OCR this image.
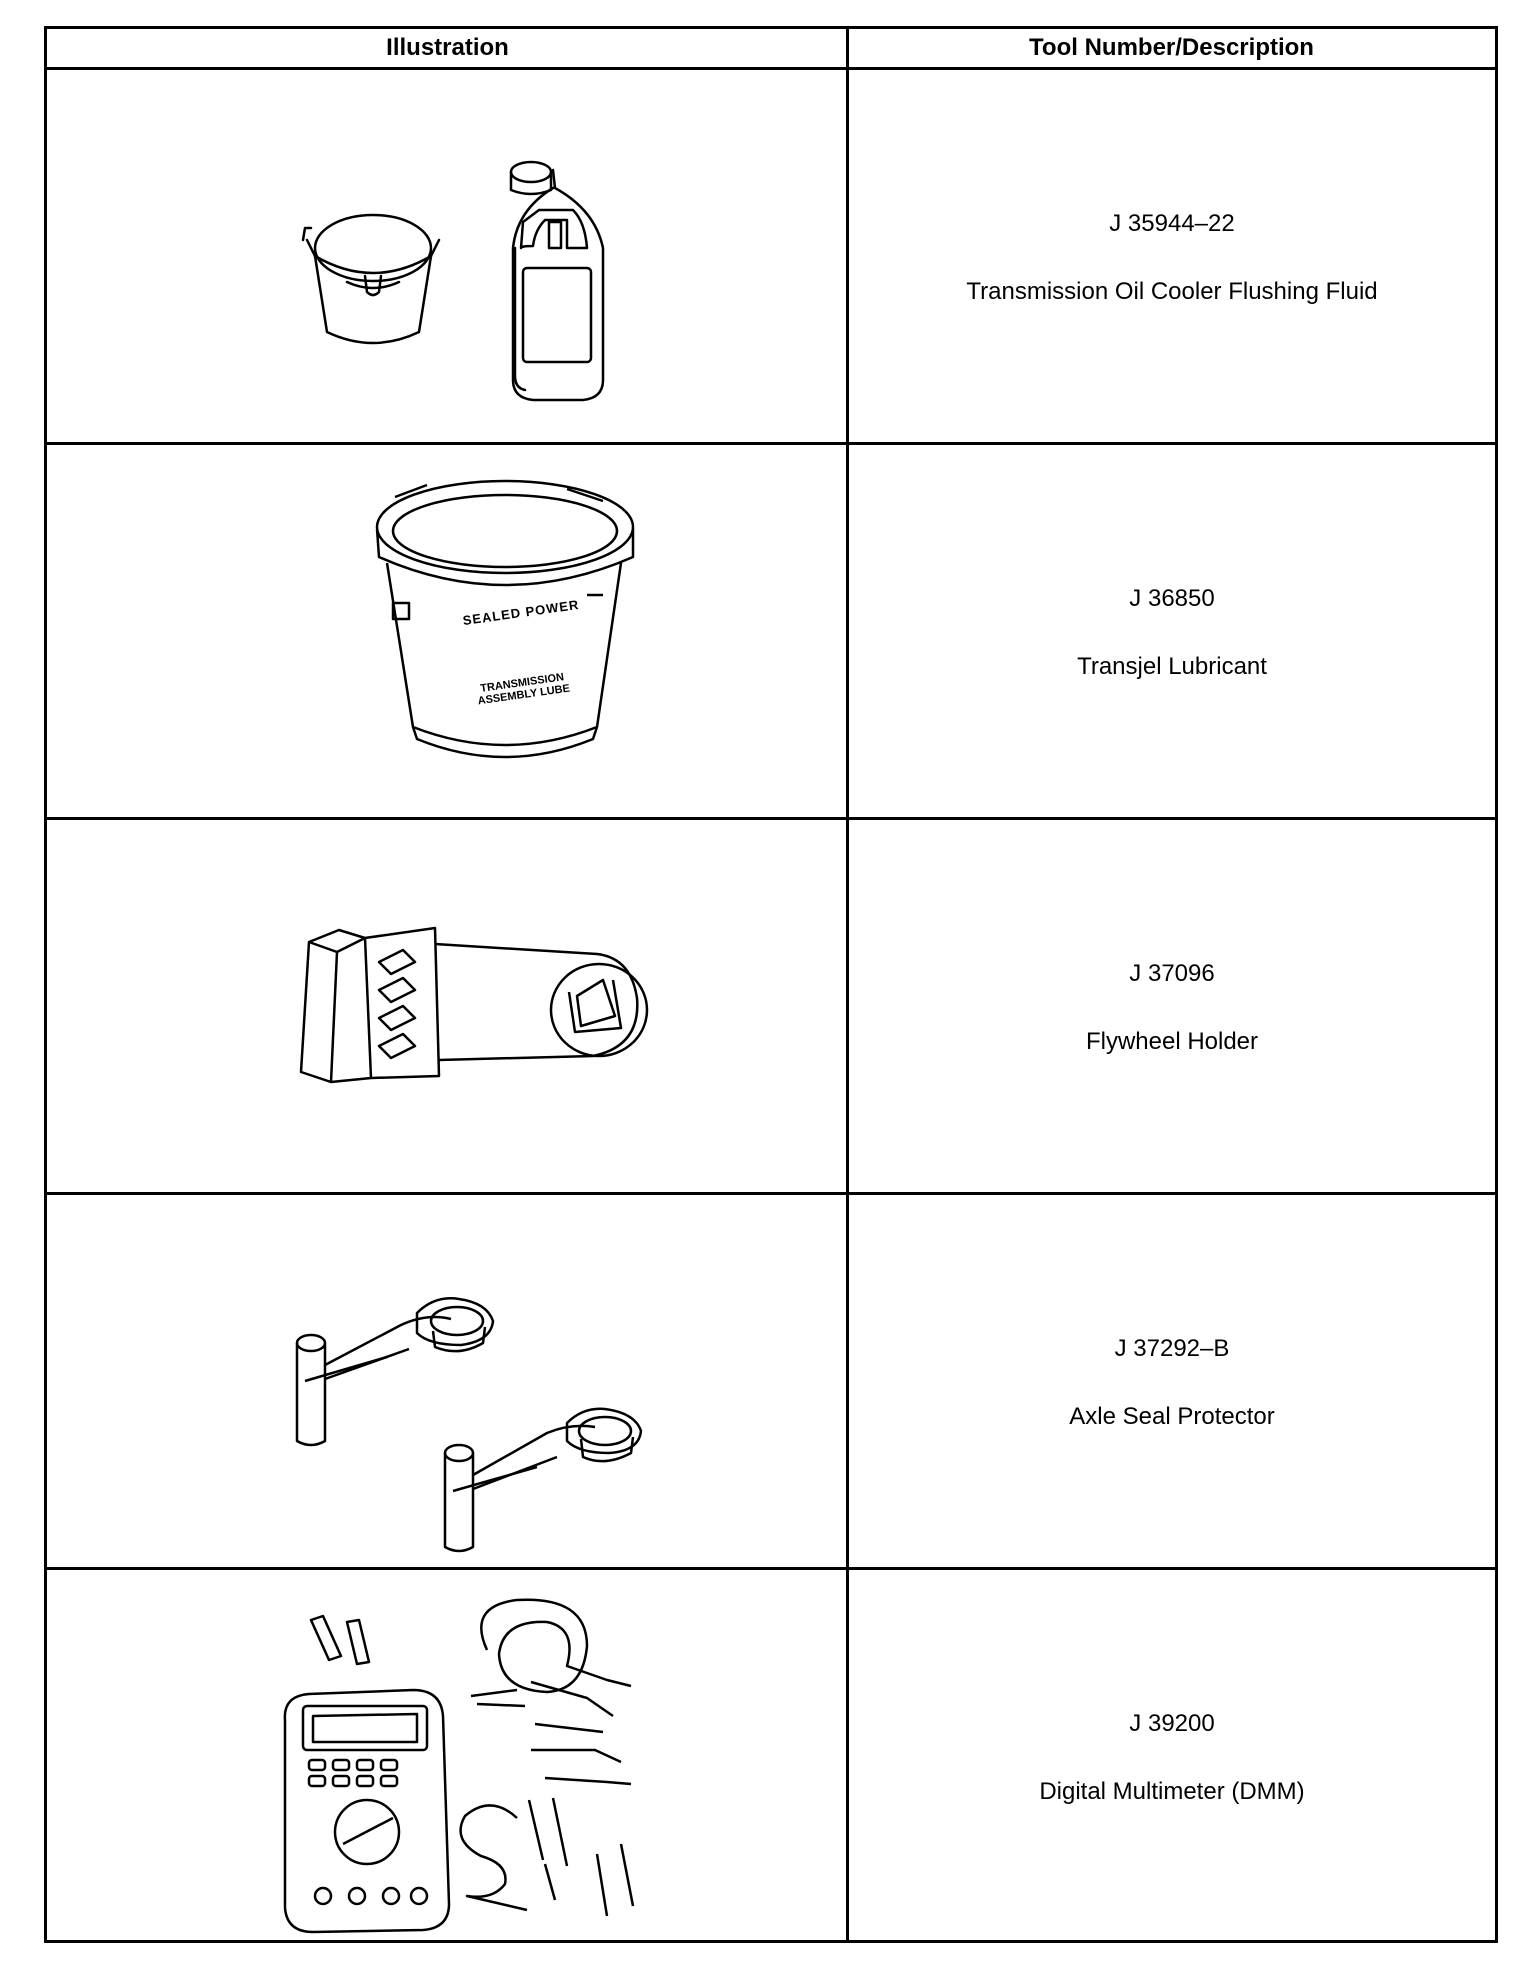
Illustration	Tool Number/Description
J 35944–22
Transmission Oil Cooler Flushing Fluid
SEALED POWER
TRANSMISSION ASSEMBLY LUBE
J 36850
Transjel Lubricant
J 37096
Flywheel Holder
J 37292–B
Axle Seal Protector
J 39200
Digital Multimeter (DMM)
